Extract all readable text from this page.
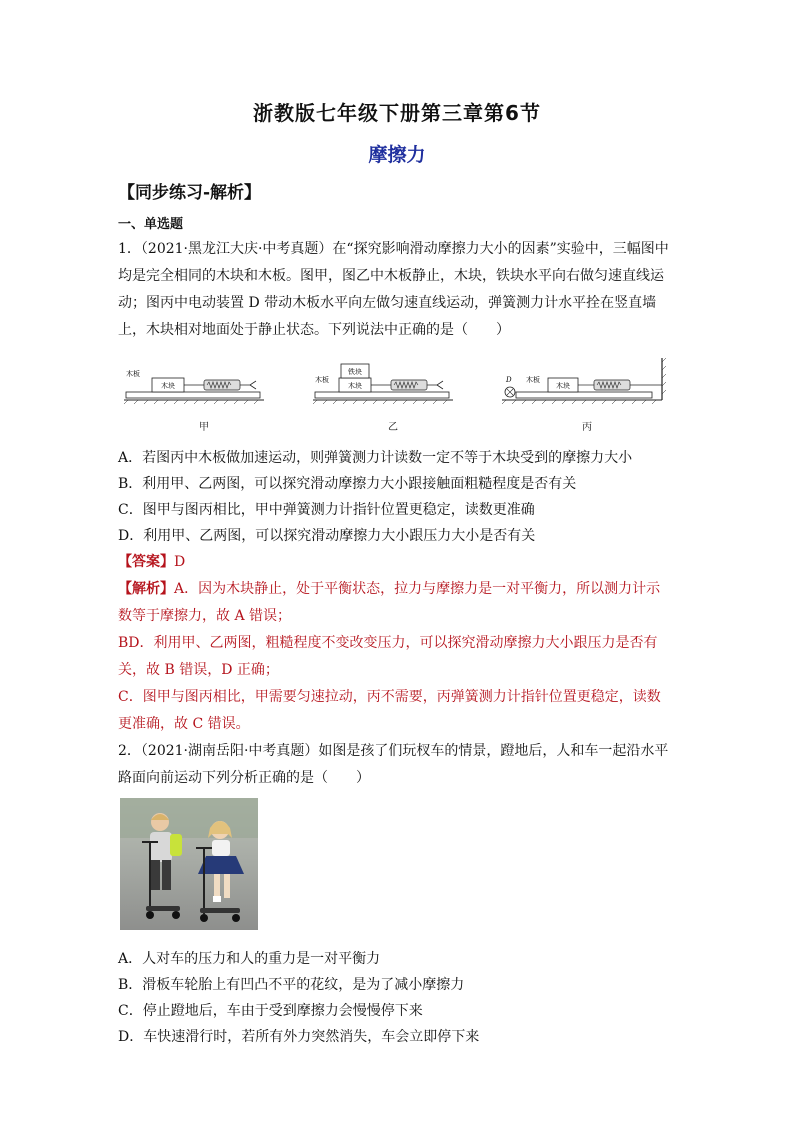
浙教版七年级下册第三章第6节
摩擦力
【同步练习-解析】

一、单选题

1．（2021·黑龙江大庆·中考真题）在“探究影响滑动摩擦力大小的因素”实验中，三幅图中

均是完全相同的木块和木板。图甲，图乙中木板静止，木块，铁块水平向右做匀速直线运

动；图丙中电动装置 D 带动木板水平向左做匀速直线运动，弹簧测力计水平拴在竖直墙

上，木块相对地面处于静止状态。下列说法中正确的是（　　）

木块
木板
甲
木块
铁块
木板
乙
D 木板
木块
丙

A．若图丙中木板做加速运动，则弹簧测力计读数一定不等于木块受到的摩擦力大小

B．利用甲、乙两图，可以探究滑动摩擦力大小跟接触面粗糙程度是否有关

C．图甲与图丙相比，甲中弹簧测力计指针位置更稳定，读数更准确

D．利用甲、乙两图，可以探究滑动摩擦力大小跟压力大小是否有关

【答案】D

【解析】A．因为木块静止，处于平衡状态，拉力与摩擦力是一对平衡力，所以测力计示

数等于摩擦力，故 A 错误；

BD．利用甲、乙两图，粗糙程度不变改变压力，可以探究滑动摩擦力大小跟压力是否有

关，故 B 错误，D 正确；

C．图甲与图丙相比，甲需要匀速拉动，丙不需要，丙弹簧测力计指针位置更稳定，读数

更准确，故 C 错误。

2．（2021·湖南岳阳·中考真题）如图是孩了们玩杈车的情景，蹬地后，人和车一起沿水平

路面向前运动下列分析正确的是（　　）

A．人对车的压力和人的重力是一对平衡力

B．滑板车轮胎上有凹凸不平的花纹，是为了减小摩擦力

C．停止蹬地后，车由于受到摩擦力会慢慢停下来

D．车快速滑行时，若所有外力突然消失，车会立即停下来
